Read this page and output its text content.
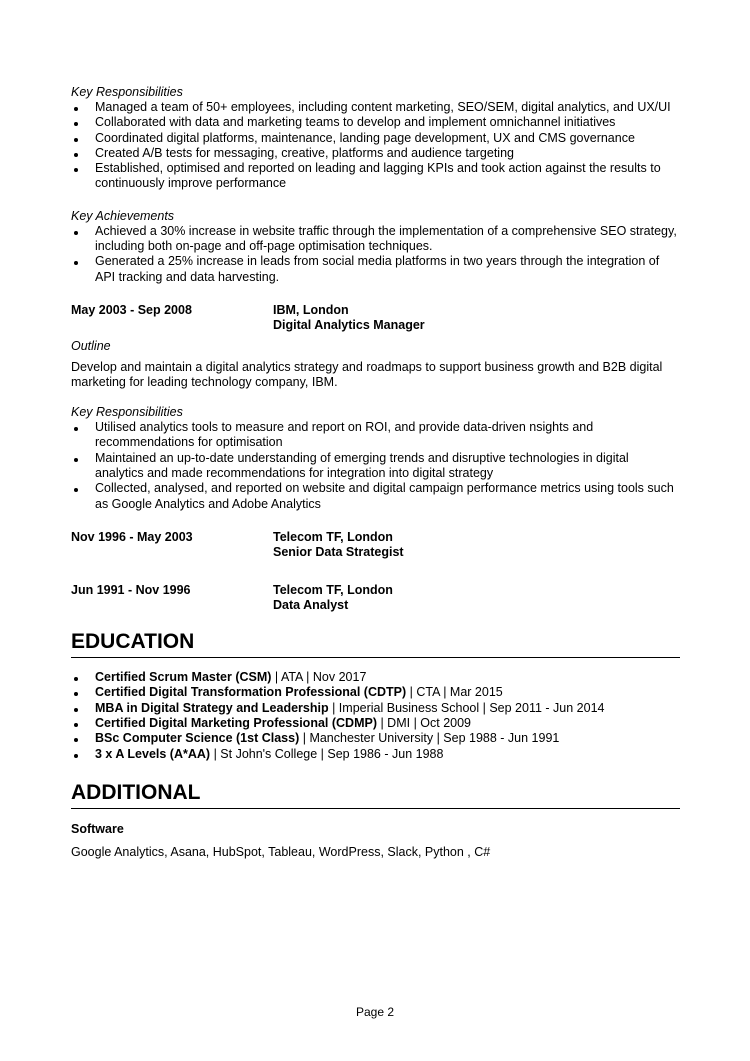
Key Responsibilities

Managed a team of 50+ employees, including content marketing, SEO/SEM, digital analytics, and UX/UI
Collaborated with data and marketing teams to develop and implement omnichannel initiatives
Coordinated digital platforms, maintenance, landing page development, UX and CMS governance
Created A/B tests for messaging, creative, platforms and audience targeting
Established, optimised and reported on leading and lagging KPIs and took action against the results to continuously improve performance

Key Achievements

Achieved a 30% increase in website traffic through the implementation of a comprehensive SEO strategy, including both on-page and off-page optimisation techniques.
Generated a 25% increase in leads from social media platforms in two years through the integration of API tracking and data harvesting.
May 2003 - Sep 2008	IBM, London
Digital Analytics Manager

Outline

Develop and maintain a digital analytics strategy and roadmaps to support business growth and B2B digital marketing for leading technology company, IBM.

Key Responsibilities

Utilised analytics tools to measure and report on ROI, and provide data-driven nsights and recommendations for optimisation
Maintained an up-to-date understanding of emerging trends and disruptive technologies in digital analytics and made recommendations for integration into digital strategy
Collected, analysed, and reported on website and digital campaign performance metrics using tools such as Google Analytics and Adobe Analytics
Nov 1996 - May 2003	Telecom TF, London
Senior Data Strategist
Jun 1991 - Nov 1996	Telecom TF, London
Data Analyst
EDUCATION
Certified Scrum Master (CSM) | ATA | Nov 2017
Certified Digital Transformation Professional (CDTP) | CTA | Mar 2015
MBA in Digital Strategy and Leadership | Imperial Business School | Sep 2011 - Jun 2014
Certified Digital Marketing Professional (CDMP) | DMI | Oct 2009
BSc Computer Science (1st Class) | Manchester University | Sep 1988 - Jun 1991
3 x A Levels (A*AA) | St John's College | Sep 1986 - Jun 1988
ADDITIONAL

Software

Google Analytics, Asana, HubSpot, Tableau, WordPress, Slack, Python , C#

Page 2
